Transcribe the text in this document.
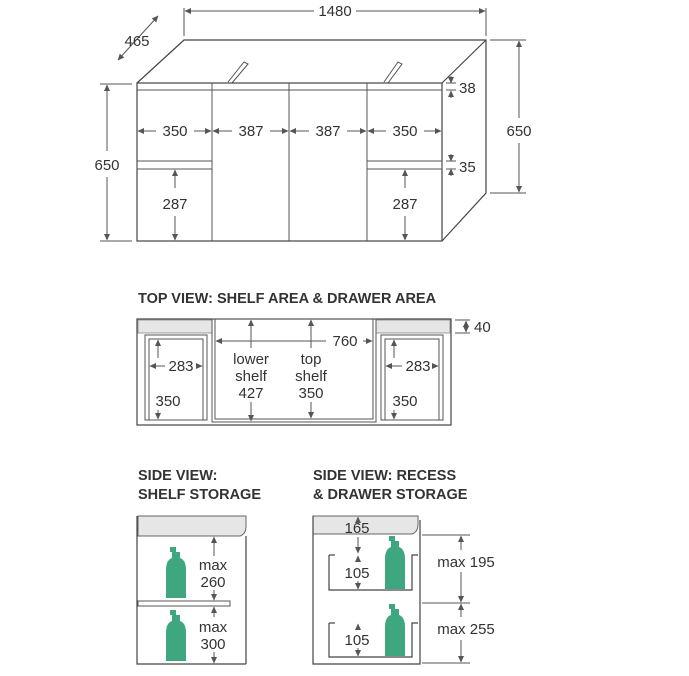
1480
465
650
650
38
35
350	387	387	350
287	287
TOP VIEW: SHELF AREA & DRAWER AREA
40
760
lower
shelf
427
top
shelf
350
283
350
283
350
SIDE VIEW:
SHELF STORAGE
max
260
max
300
SIDE VIEW: RECESS
& DRAWER STORAGE
165
105
105
max 195
max 255
